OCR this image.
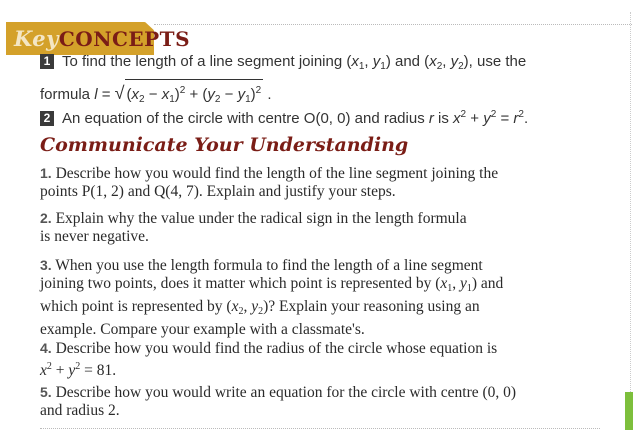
KeyCONCEPTS
1 To find the length of a line segment joining ($x_1$, $y_1$) and ($x_2$, $y_2$), use the
formula l = √ $(x_2 - x_1)^2 + (y_2 - y_1)^2$ .
2 An equation of the circle with centre O(0, 0) and radius r is $x^2 + y^2 = r^2$.
Communicate Your Understanding
1. Describe how you would find the length of the line segment joining the
points P(1, 2) and Q(4, 7). Explain and justify your steps.
2. Explain why the value under the radical sign in the length formula
is never negative.
3. When you use the length formula to find the length of a line segment
joining two points, does it matter which point is represented by ($x_1$, $y_1$) and
which point is represented by ($x_2$, $y_2$)? Explain your reasoning using an
example. Compare your example with a classmate's.
4. Describe how you would find the radius of the circle whose equation is
$x^2 + y^2 = 81$.
5. Describe how you would write an equation for the circle with centre (0, 0)
and radius 2.
